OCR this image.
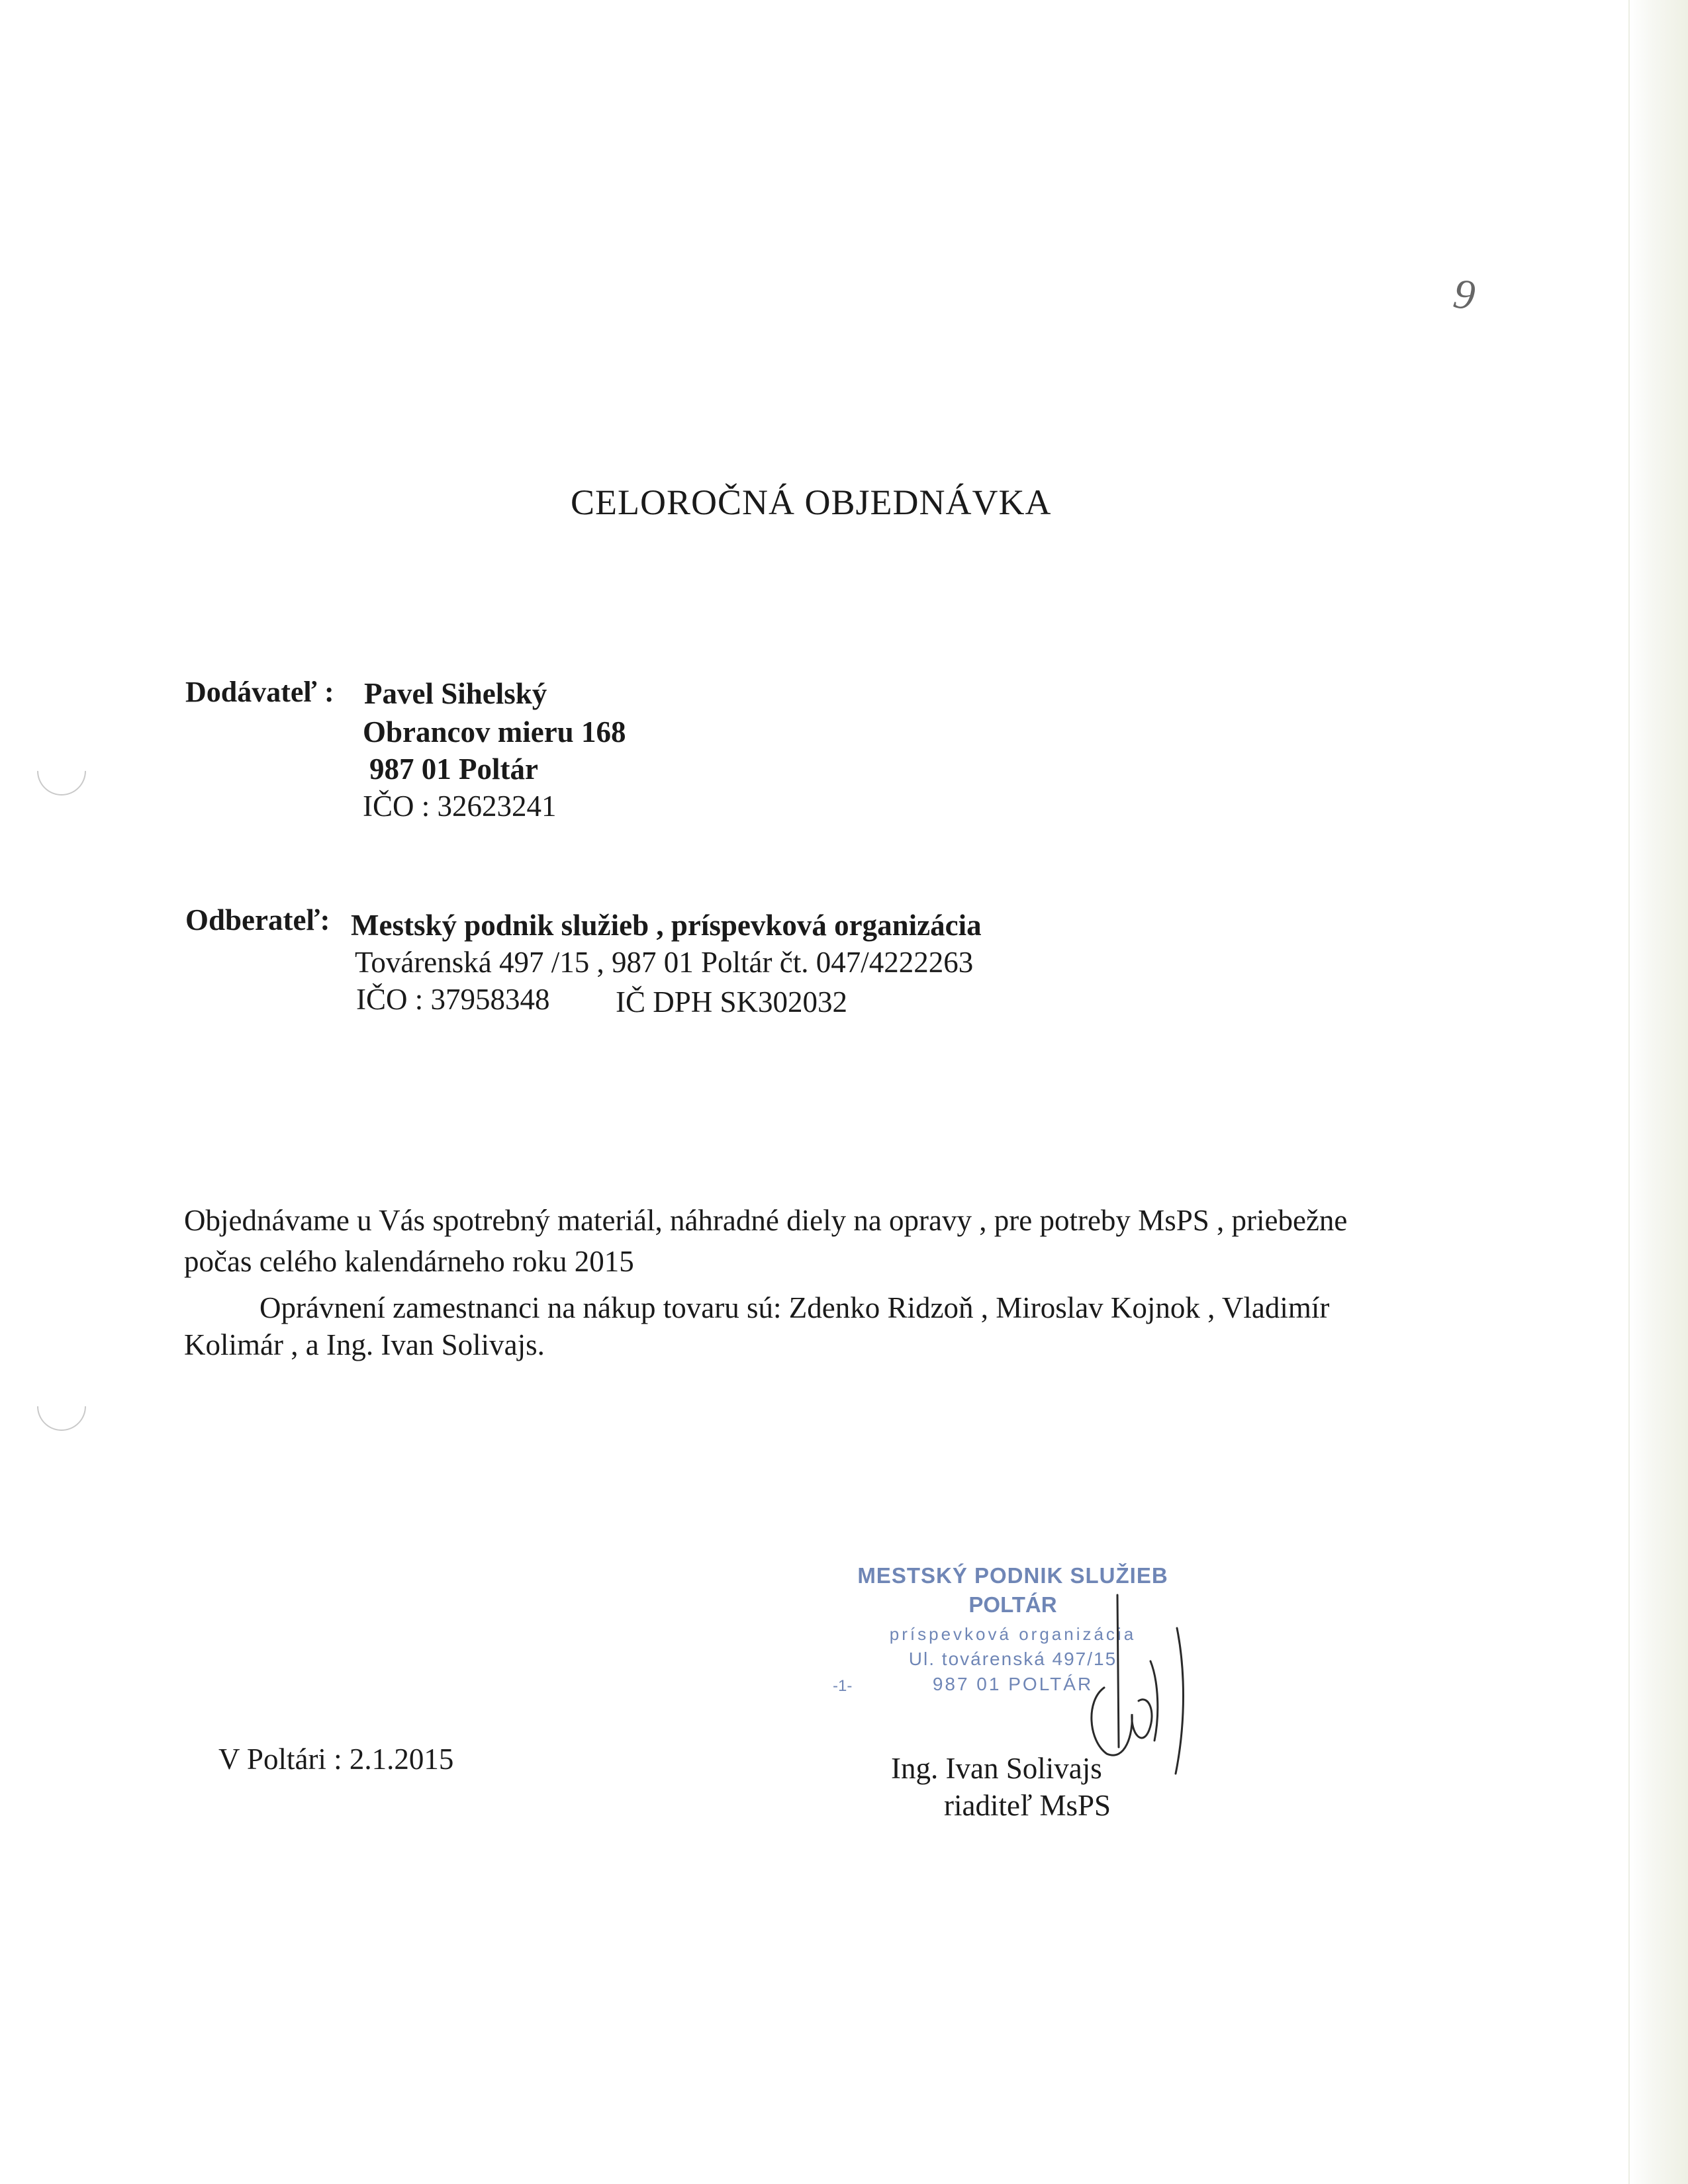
9
CELOROČNÁ OBJEDNÁVKA
Dodávateľ : Pavel Sihelský
Obrancov mieru 168
987 01 Poltár
IČO : 32623241
Odberateľ: Mestský podnik služieb , príspevková organizácia
Továrenská 497 /15 , 987 01 Poltár čt. 047/4222263
IČO : 37958348 IČ DPH SK302032
Objednávame u Vás spotrebný materiál, náhradné diely na opravy , pre potreby MsPS , priebežne
počas celého kalendárneho roku 2015
Oprávnení zamestnanci na nákup tovaru sú: Zdenko Ridzoň , Miroslav Kojnok , Vladimír
Kolimár , a Ing. Ivan Solivajs.
MESTSKÝ PODNIK SLUŽIEB
POLTÁR
príspevková organizácia
Ul. továrenská 497/15
987 01 POLTÁR
-1-
V Poltári : 2.1.2015	Ing. Ivan Solivajs
riaditeľ MsPS
